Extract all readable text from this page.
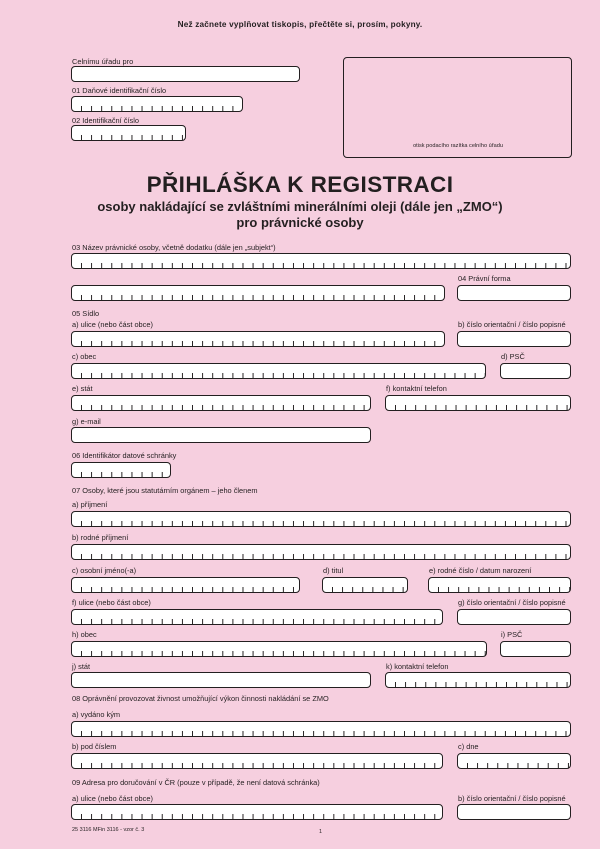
Než začnete vyplňovat tiskopis, přečtěte si, prosím, pokyny.
Celnímu úřadu pro
01 Daňové identifikační číslo
02 Identifikační číslo
otisk podacího razítka celního úřadu
PŘIHLÁŠKA K REGISTRACI
osoby nakládající se zvláštními minerálními oleji (dále jen „ZMO“)
pro právnické osoby
03 Název právnické osoby, včetně dodatku (dále jen „subjekt“)
04 Právní forma
05 Sídlo
a) ulice (nebo část obce)	b) číslo orientační / číslo popisné
c) obec	d) PSČ
e) stát	f) kontaktní telefon
g) e-mail
06 Identifikátor datové schránky
07 Osoby, které jsou statutárním orgánem – jeho členem
a) příjmení
b) rodné příjmení
c) osobní jméno(-a)	d) titul	e) rodné číslo / datum narození
f) ulice (nebo část obce)	g) číslo orientační / číslo popisné
h) obec	i) PSČ
j) stát	k) kontaktní telefon
08 Oprávnění provozovat živnost umožňující výkon činnosti nakládání se ZMO
a) vydáno kým
b) pod číslem	c) dne
09 Adresa pro doručování v ČR (pouze v případě, že není datová schránka)
a) ulice (nebo část obce)	b) číslo orientační / číslo popisné
25 3116 MFin 3116 - vzor č. 3	1
